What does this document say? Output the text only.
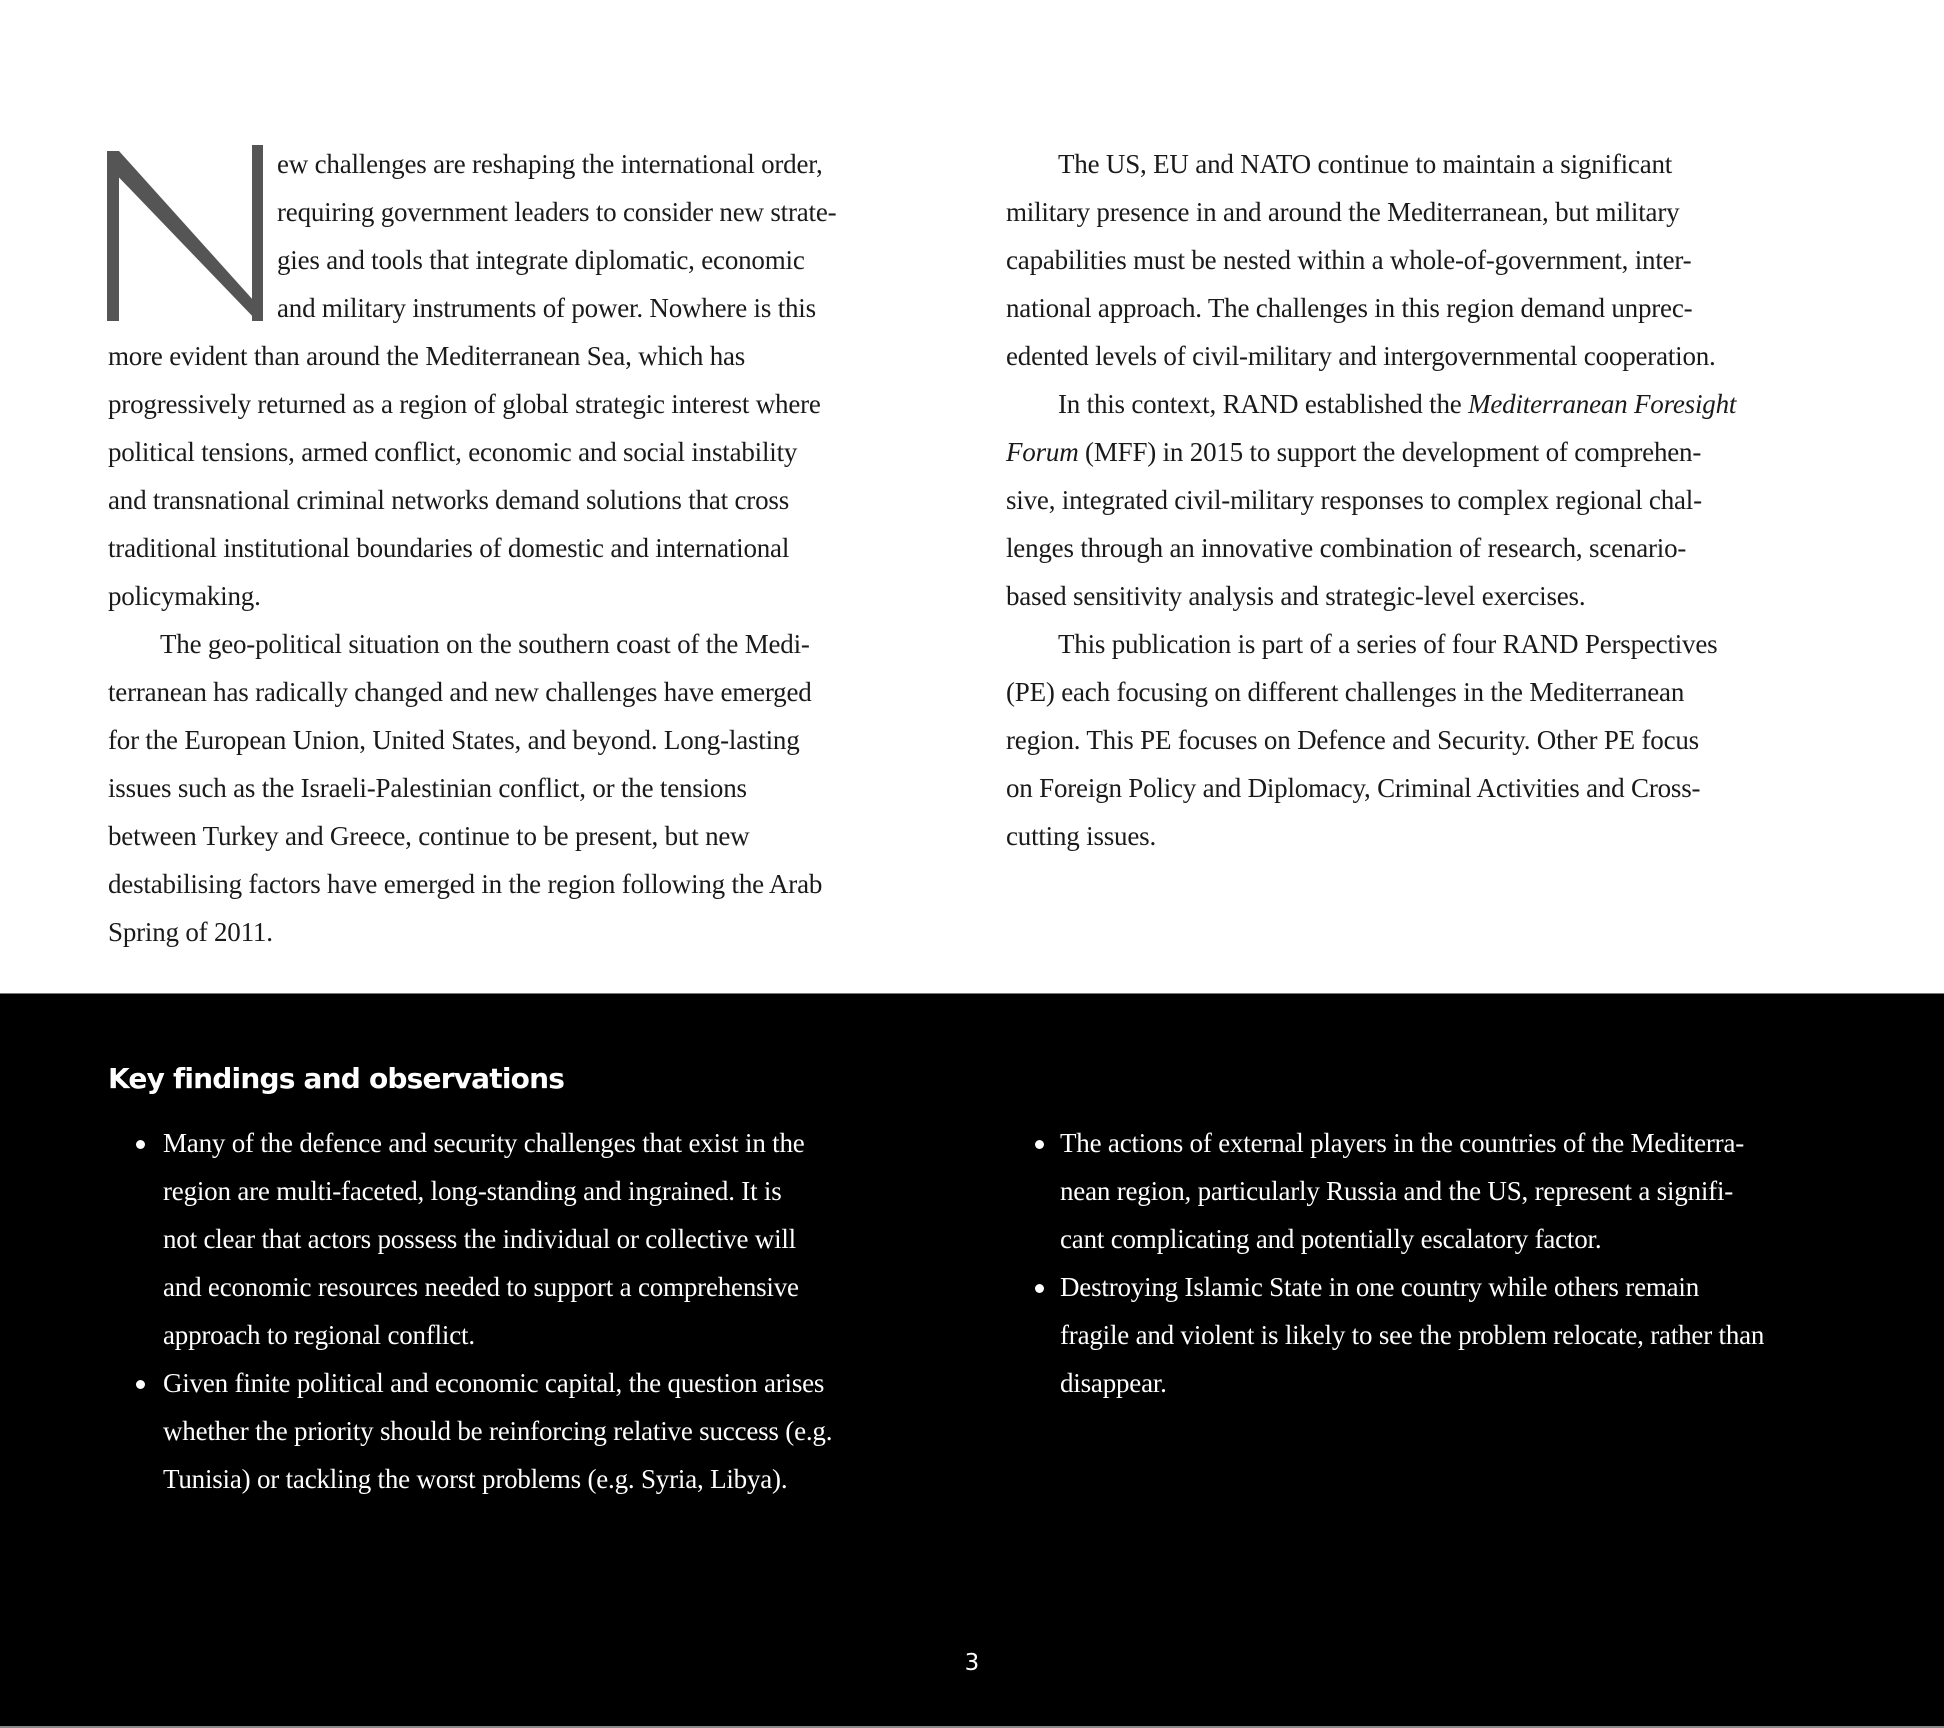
ew challenges are reshaping the international order,
requiring government leaders to consider new strate-
gies and tools that integrate diplomatic, economic
and military instruments of power. Nowhere is this
more evident than around the Mediterranean Sea, which has
progressively returned as a region of global strategic interest where
political tensions, armed conflict, economic and social instability
and transnational criminal networks demand solutions that cross
traditional institutional boundaries of domestic and international
policymaking.
The geo-political situation on the southern coast of the Medi-
terranean has radically changed and new challenges have emerged
for the European Union, United States, and beyond. Long-lasting
issues such as the Israeli-Palestinian conflict, or the tensions
between Turkey and Greece, continue to be present, but new
destabilising factors have emerged in the region following the Arab
Spring of 2011.
The US, EU and NATO continue to maintain a significant
military presence in and around the Mediterranean, but military
capabilities must be nested within a whole-of-government, inter-
national approach. The challenges in this region demand unprec-
edented levels of civil-military and intergovernmental cooperation.
In this context, RAND established the Mediterranean Foresight
Forum (MFF) in 2015 to support the development of comprehen-
sive, integrated civil-military responses to complex regional chal-
lenges through an innovative combination of research, scenario-
based sensitivity analysis and strategic-level exercises.
This publication is part of a series of four RAND Perspectives
(PE) each focusing on different challenges in the Mediterranean
region. This PE focuses on Defence and Security. Other PE focus
on Foreign Policy and Diplomacy, Criminal Activities and Cross-
cutting issues.
Key findings and observations
Many of the defence and security challenges that exist in the
region are multi-faceted, long-standing and ingrained. It is
not clear that actors possess the individual or collective will
and economic resources needed to support a comprehensive
approach to regional conflict.
Given finite political and economic capital, the question arises
whether the priority should be reinforcing relative success (e.g.
Tunisia) or tackling the worst problems (e.g. Syria, Libya).
The actions of external players in the countries of the Mediterra-
nean region, particularly Russia and the US, represent a signifi-
cant complicating and potentially escalatory factor.
Destroying Islamic State in one country while others remain
fragile and violent is likely to see the problem relocate, rather than
disappear.
3
